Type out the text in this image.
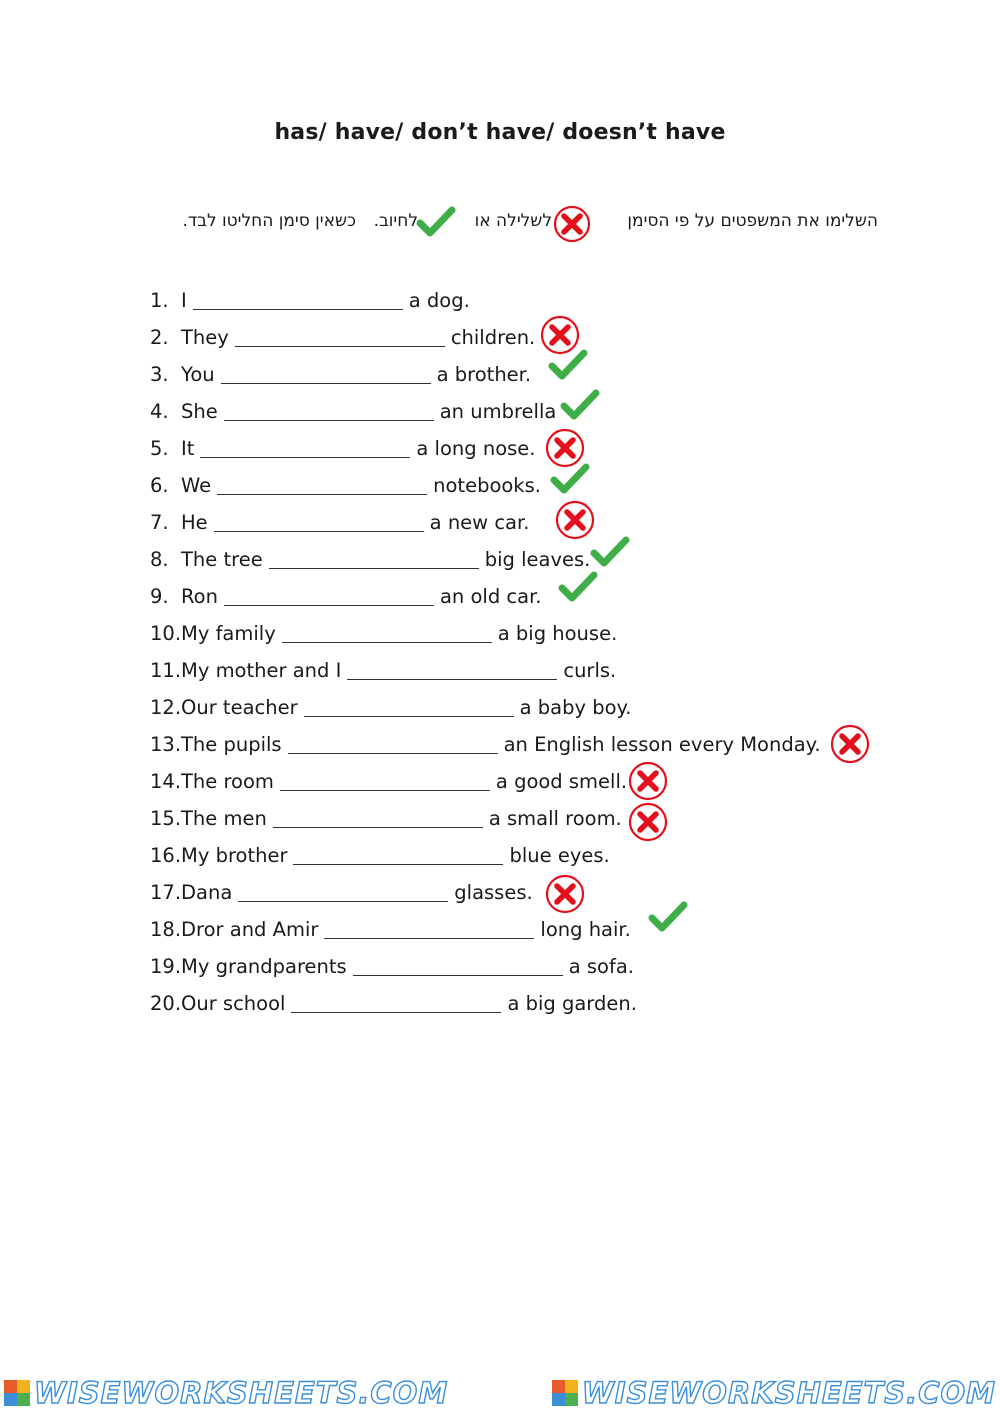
has/ have/ don’t have/ doesn’t have
השלימו את המשפטים על פי הסימן
לשלילה או
לחיוב.
כשאין סימן החליטו לבד.
1. I	a dog.
2. They	children.
3. You	a brother.
4. She	an umbrella
5. It	a long nose.
6. We	notebooks.
7. He	a new car.
8. The tree	big leaves.
9. Ron	an old car.
10. My family	a big house.
11. My mother and I	curls.
12. Our teacher	a baby boy.
13. The pupils	an English lesson every Monday.
14. The room	a good smell.
15. The men	a small room.
16. My brother	blue eyes.
17. Dana	glasses.
18. Dror and Amir	long hair.
19. My grandparents	a sofa.
20. Our school	a big garden.
WISEWORKSHEETS.COM	WISEWORKSHEETS.COM
